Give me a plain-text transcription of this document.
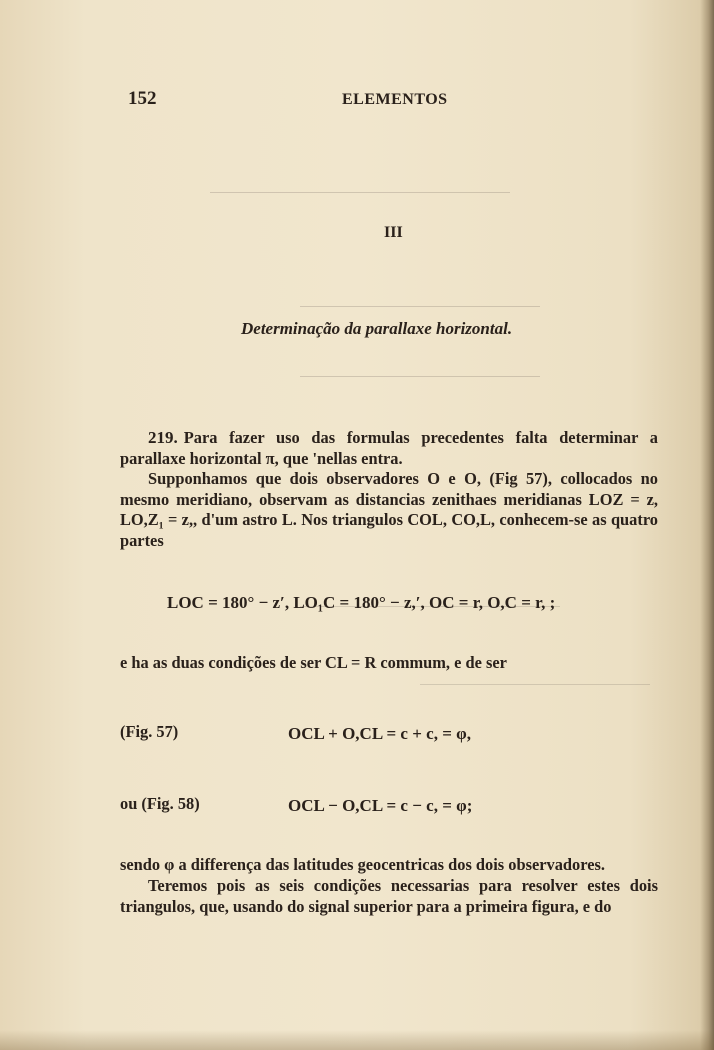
152	ELEMENTOS
III
Determinação da parallaxe horizontal.
219. Para fazer uso das formulas precedentes falta determinar a parallaxe horizontal π, que 'nellas entra.
Supponhamos que dois observadores O e O, (Fig 57), collocados no mesmo meridiano, observam as distancias zenithaes meridianas LOZ = z, LO,Z₁ = z,, d'um astro L. Nos triangulos COL, CO,L, conhecem-se as quatro partes
LOC = 180° − z′, LO₁C = 180° − z,′, OC = r, O,C = r, ;
e ha as duas condições de ser CL = R commum, e de ser
(Fig. 57)	OCL + O,CL = c + c, = φ,
ou (Fig. 58)	OCL − O,CL = c − c, = φ;
sendo φ a differença das latitudes geocentricas dos dois observadores.
Teremos pois as seis condições necessarias para resolver estes dois triangulos, que, usando do signal superior para a primeira figura, e do
